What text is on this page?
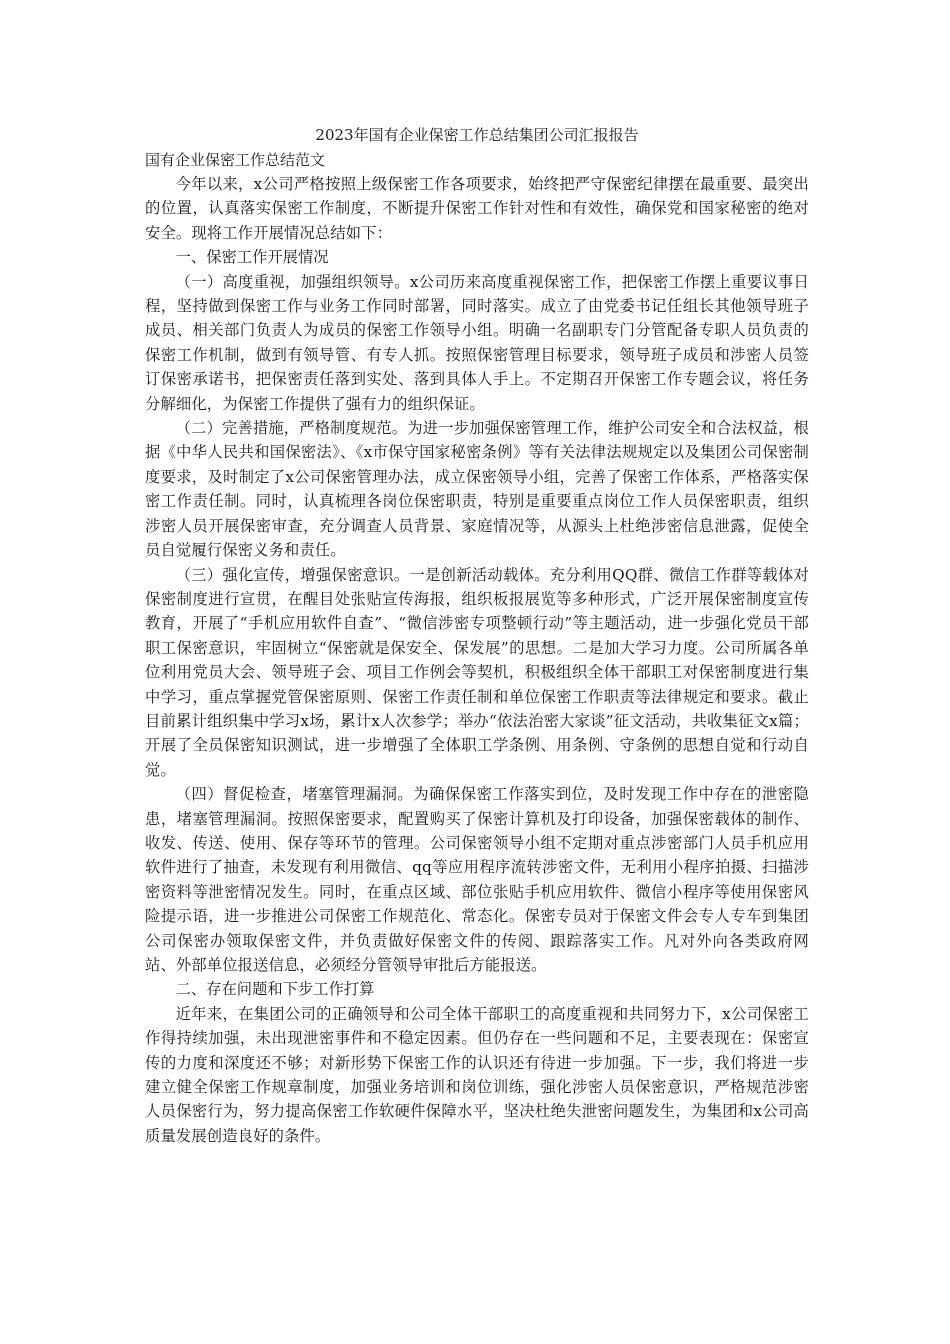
2023年国有企业保密工作总结集团公司汇报报告

国有企业保密工作总结范文

今年以来，x公司严格按照上级保密工作各项要求，始终把严守保密纪律摆在最重要、最突出的位置，认真落实保密工作制度，不断提升保密工作针对性和有效性，确保党和国家秘密的绝对安全。现将工作开展情况总结如下：

一、保密工作开展情况

（一）高度重视，加强组织领导。x公司历来高度重视保密工作，把保密工作摆上重要议事日程，坚持做到保密工作与业务工作同时部署，同时落实。成立了由党委书记任组长其他领导班子成员、相关部门负责人为成员的保密工作领导小组。明确一名副职专门分管配备专职人员负责的保密工作机制，做到有领导管、有专人抓。按照保密管理目标要求，领导班子成员和涉密人员签订保密承诺书，把保密责任落到实处、落到具体人手上。不定期召开保密工作专题会议，将任务分解细化，为保密工作提供了强有力的组织保证。

（二）完善措施，严格制度规范。为进一步加强保密管理工作，维护公司安全和合法权益，根据《中华人民共和国保密法》、《x市保守国家秘密条例》等有关法律法规规定以及集团公司保密制度要求，及时制定了x公司保密管理办法，成立保密领导小组，完善了保密工作体系，严格落实保密工作责任制。同时，认真梳理各岗位保密职责，特别是重要重点岗位工作人员保密职责，组织涉密人员开展保密审查，充分调查人员背景、家庭情况等，从源头上杜绝涉密信息泄露，促使全员自觉履行保密义务和责任。

（三）强化宣传，增强保密意识。一是创新活动载体。充分利用QQ群、微信工作群等载体对保密制度进行宣贯，在醒目处张贴宣传海报，组织板报展览等多种形式，广泛开展保密制度宣传教育，开展了“手机应用软件自查”、“微信涉密专项整顿行动”等主题活动，进一步强化党员干部职工保密意识，牢固树立“保密就是保安全、保发展”的思想。二是加大学习力度。公司所属各单位利用党员大会、领导班子会、项目工作例会等契机，积极组织全体干部职工对保密制度进行集中学习，重点掌握党管保密原则、保密工作责任制和单位保密工作职责等法律规定和要求。截止目前累计组织集中学习x场，累计x人次参学；举办“依法治密大家谈”征文活动，共收集征文x篇；开展了全员保密知识测试，进一步增强了全体职工学条例、用条例、守条例的思想自觉和行动自觉。

（四）督促检查，堵塞管理漏洞。为确保保密工作落实到位，及时发现工作中存在的泄密隐患，堵塞管理漏洞。按照保密要求，配置购买了保密计算机及打印设备，加强保密载体的制作、收发、传送、使用、保存等环节的管理。公司保密领导小组不定期对重点涉密部门人员手机应用软件进行了抽查，未发现有利用微信、qq等应用程序流转涉密文件，无利用小程序拍摄、扫描涉密资料等泄密情况发生。同时，在重点区域、部位张贴手机应用软件、微信小程序等使用保密风险提示语，进一步推进公司保密工作规范化、常态化。保密专员对于保密文件会专人专车到集团公司保密办领取保密文件，并负责做好保密文件的传阅、跟踪落实工作。凡对外向各类政府网站、外部单位报送信息，必须经分管领导审批后方能报送。

二、存在问题和下步工作打算

近年来，在集团公司的正确领导和公司全体干部职工的高度重视和共同努力下，x公司保密工作得持续加强，未出现泄密事件和不稳定因素。但仍存在一些问题和不足，主要表现在：保密宣传的力度和深度还不够；对新形势下保密工作的认识还有待进一步加强。下一步，我们将进一步建立健全保密工作规章制度，加强业务培训和岗位训练，强化涉密人员保密意识，严格规范涉密人员保密行为，努力提高保密工作软硬件保障水平，坚决杜绝失泄密问题发生，为集团和x公司高质量发展创造良好的条件。
